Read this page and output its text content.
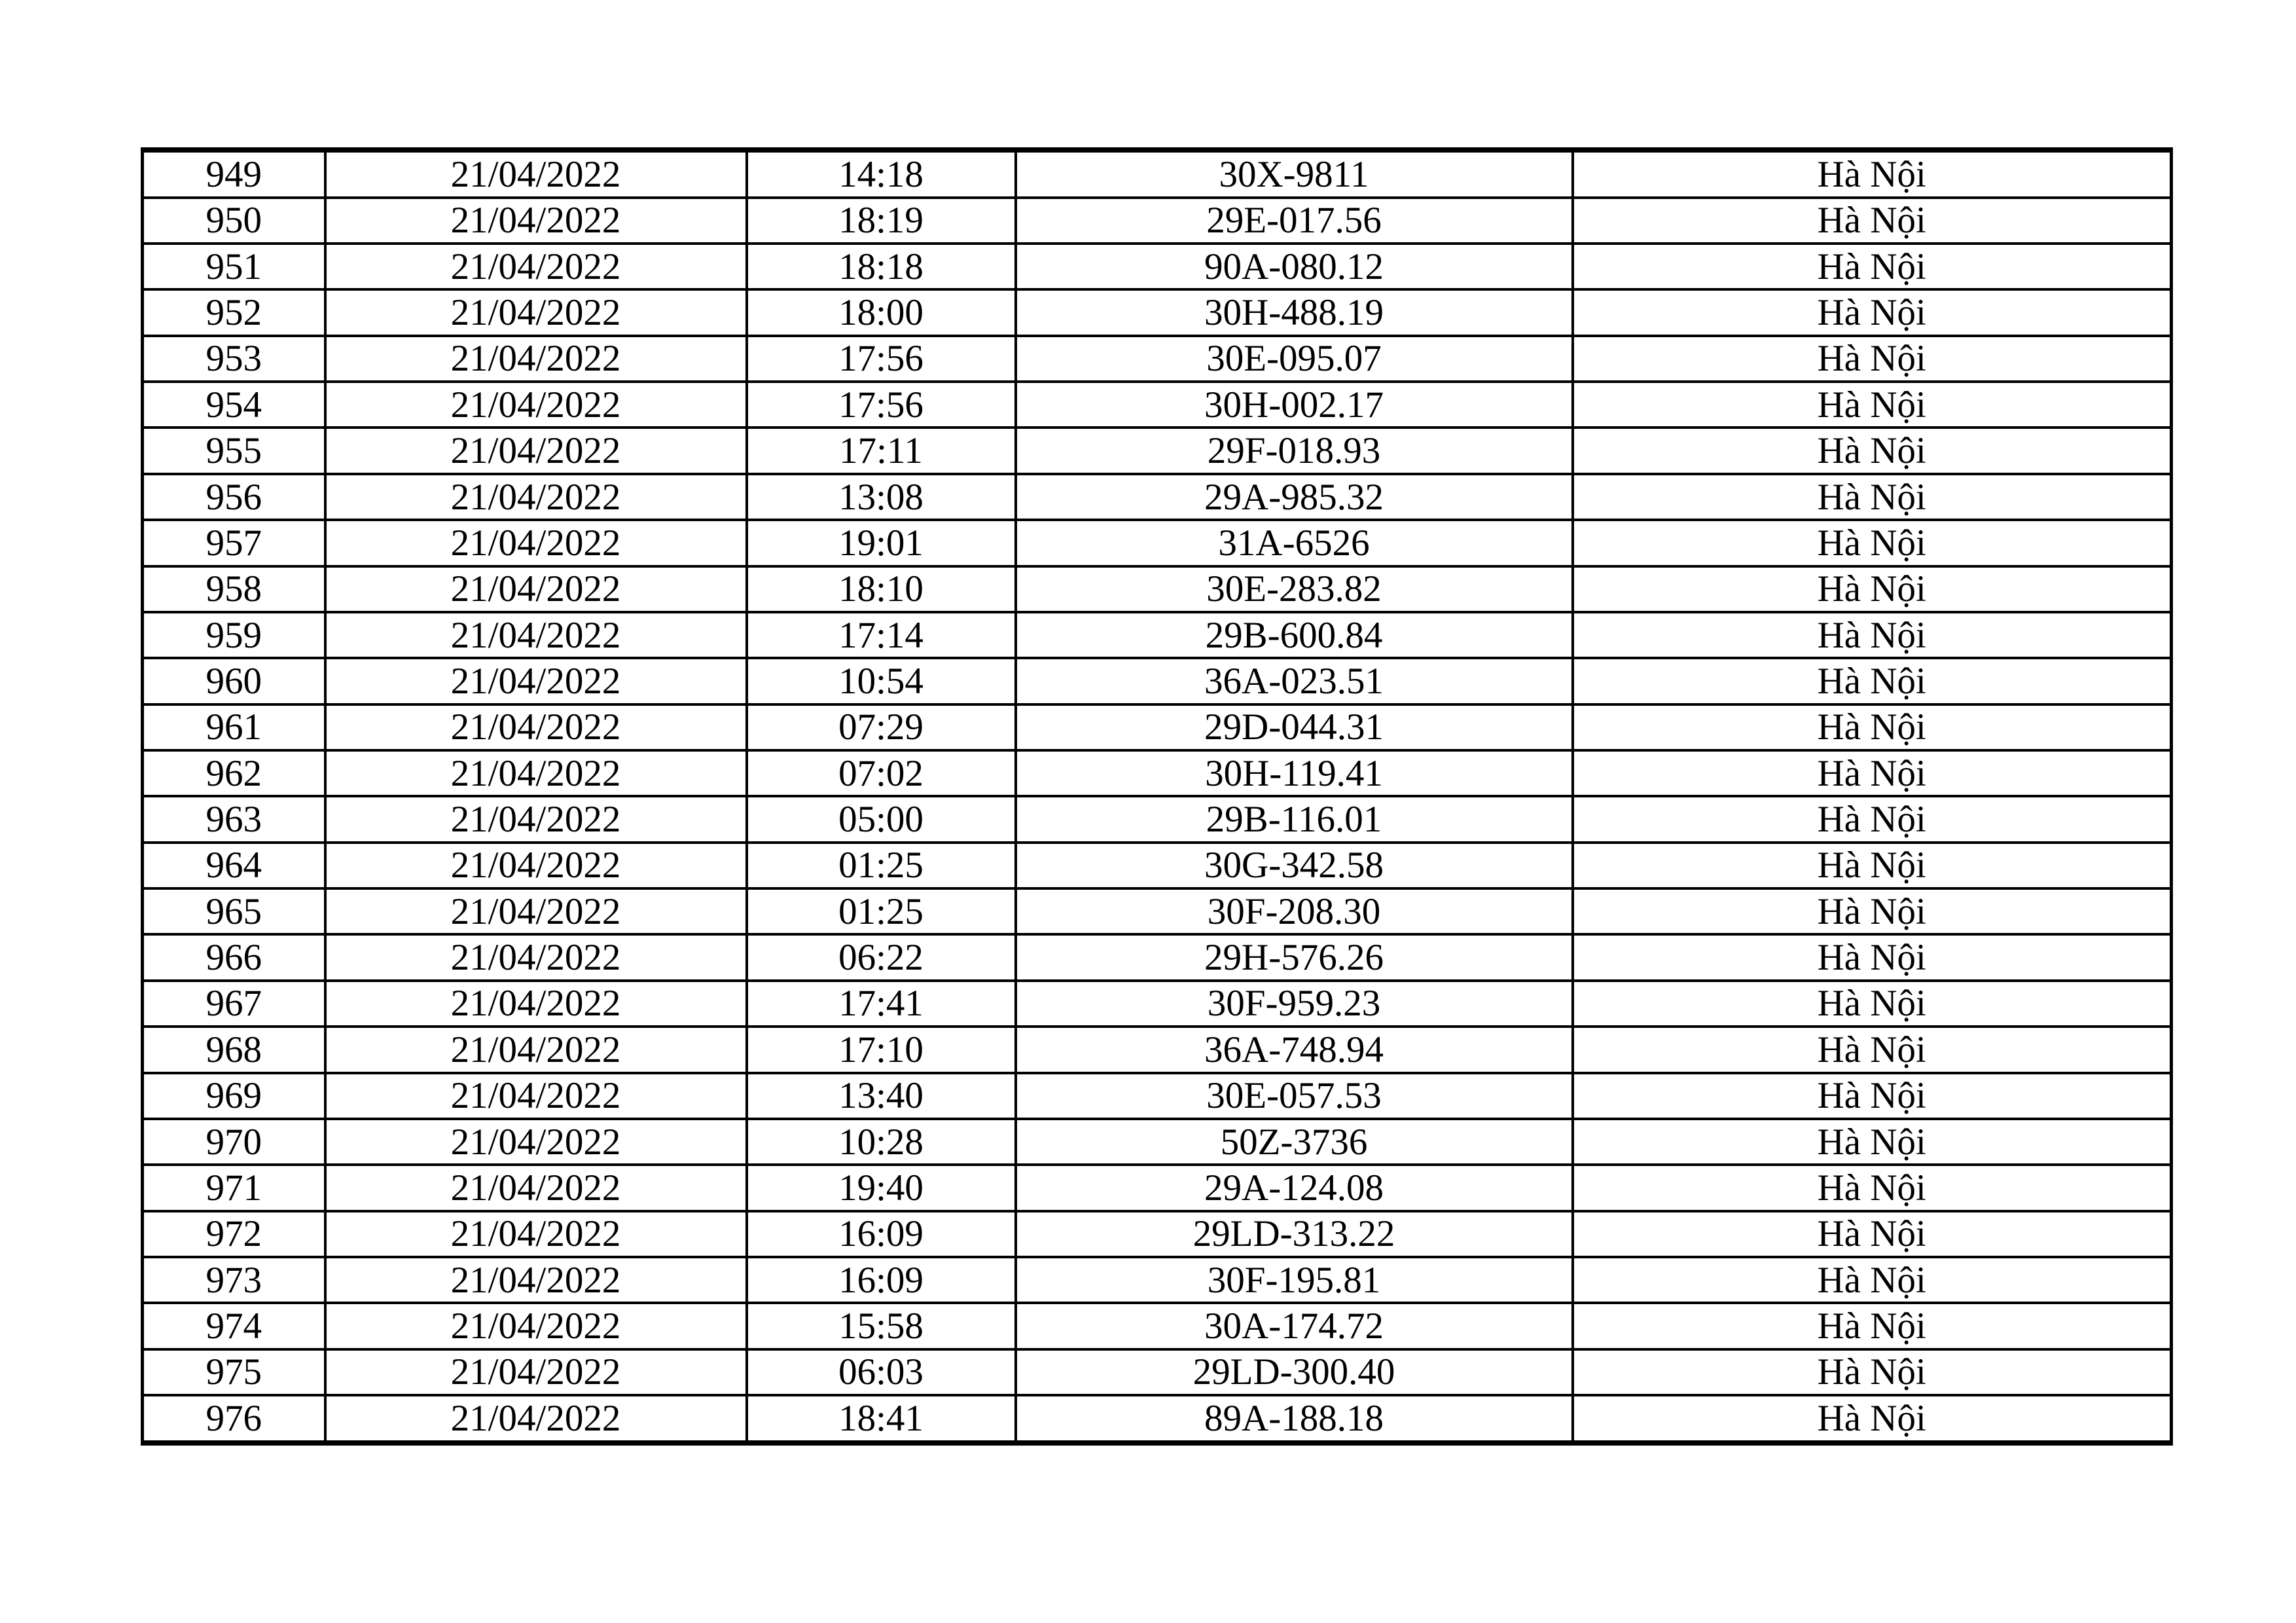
949	21/04/2022	14:18	30X-9811	Hà Nội
950	21/04/2022	18:19	29E-017.56	Hà Nội
951	21/04/2022	18:18	90A-080.12	Hà Nội
952	21/04/2022	18:00	30H-488.19	Hà Nội
953	21/04/2022	17:56	30E-095.07	Hà Nội
954	21/04/2022	17:56	30H-002.17	Hà Nội
955	21/04/2022	17:11	29F-018.93	Hà Nội
956	21/04/2022	13:08	29A-985.32	Hà Nội
957	21/04/2022	19:01	31A-6526	Hà Nội
958	21/04/2022	18:10	30E-283.82	Hà Nội
959	21/04/2022	17:14	29B-600.84	Hà Nội
960	21/04/2022	10:54	36A-023.51	Hà Nội
961	21/04/2022	07:29	29D-044.31	Hà Nội
962	21/04/2022	07:02	30H-119.41	Hà Nội
963	21/04/2022	05:00	29B-116.01	Hà Nội
964	21/04/2022	01:25	30G-342.58	Hà Nội
965	21/04/2022	01:25	30F-208.30	Hà Nội
966	21/04/2022	06:22	29H-576.26	Hà Nội
967	21/04/2022	17:41	30F-959.23	Hà Nội
968	21/04/2022	17:10	36A-748.94	Hà Nội
969	21/04/2022	13:40	30E-057.53	Hà Nội
970	21/04/2022	10:28	50Z-3736	Hà Nội
971	21/04/2022	19:40	29A-124.08	Hà Nội
972	21/04/2022	16:09	29LD-313.22	Hà Nội
973	21/04/2022	16:09	30F-195.81	Hà Nội
974	21/04/2022	15:58	30A-174.72	Hà Nội
975	21/04/2022	06:03	29LD-300.40	Hà Nội
976	21/04/2022	18:41	89A-188.18	Hà Nội
